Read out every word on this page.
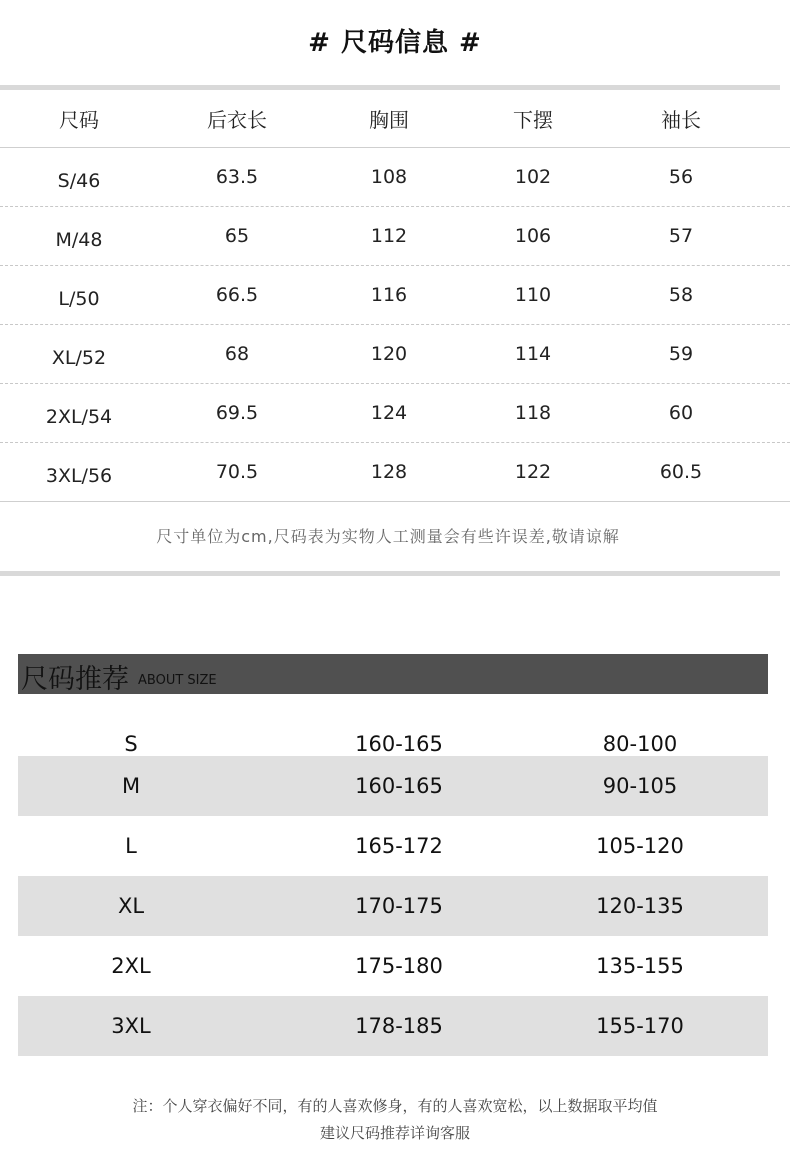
# 尺码信息 #
尺码	后衣长	胸围	下摆	袖长
S/46	63.5	108	102	56
M/48	65	112	106	57
L/50	66.5	116	110	58
XL/52	68	120	114	59
2XL/54	69.5	124	118	60
3XL/56	70.5	128	122	60.5
尺寸单位为cm,尺码表为实物人工测量会有些许误差,敬请谅解
尺码推荐 ABOUT SIZE
S	160-165	80-100
M	160-165	90-105
L	165-172	105-120
XL	170-175	120-135
2XL	175-180	135-155
3XL	178-185	155-170
注：个人穿衣偏好不同，有的人喜欢修身，有的人喜欢宽松，以上数据取平均值
建议尺码推荐详询客服
